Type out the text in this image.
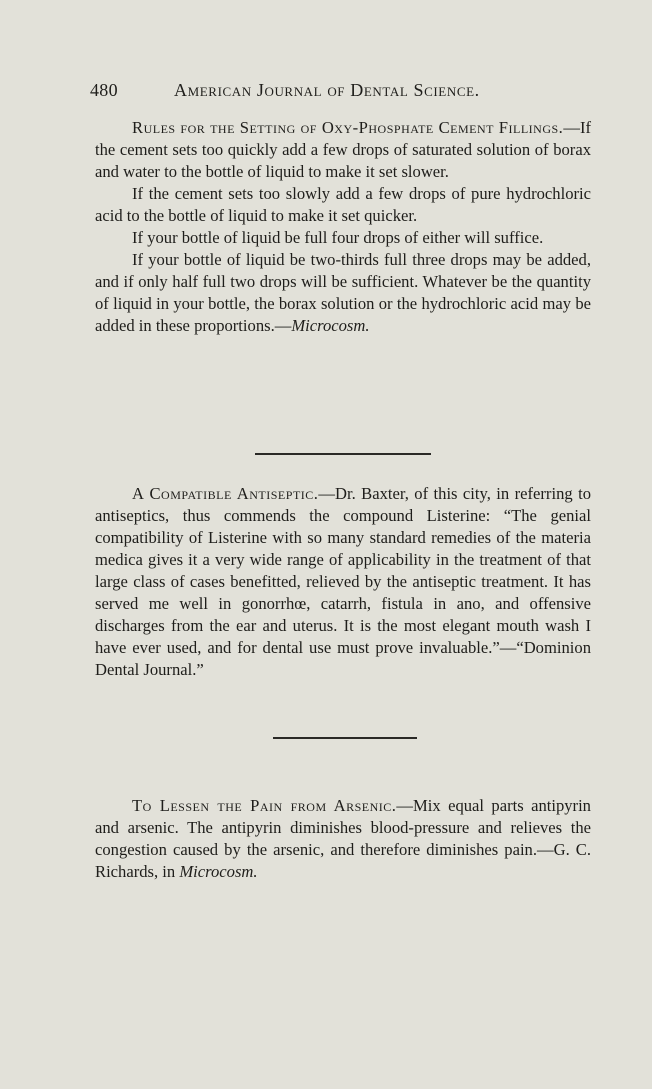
480	American Journal of Dental Science.

Rules for the Setting of Oxy-Phosphate Cement Fillings.—If the cement sets too quickly add a few drops of saturated solution of borax and water to the bottle of liquid to make it set slower.

If the cement sets too slowly add a few drops of pure hydrochloric acid to the bottle of liquid to make it set quicker.

If your bottle of liquid be full four drops of either will suffice.

If your bottle of liquid be two-thirds full three drops may be added, and if only half full two drops will be sufficient. Whatever be the quantity of liquid in your bottle, the borax solution or the hydrochloric acid may be added in these proportions.—Microcosm.

A Compatible Antiseptic.—Dr. Baxter, of this city, in referring to antiseptics, thus commends the compound Listerine: “The genial compatibility of Listerine with so many standard remedies of the materia medica gives it a very wide range of applicability in the treatment of that large class of cases benefitted, relieved by the antiseptic treatment. It has served me well in gonorrhœ, catarrh, fistula in ano, and offensive discharges from the ear and uterus. It is the most elegant mouth wash I have ever used, and for dental use must prove invaluable.”—“Dominion Dental Journal.”

To Lessen the Pain from Arsenic.—Mix equal parts antipyrin and arsenic. The antipyrin diminishes blood-pressure and relieves the congestion caused by the arsenic, and therefore diminishes pain.—G. C. Richards, in Microcosm.
